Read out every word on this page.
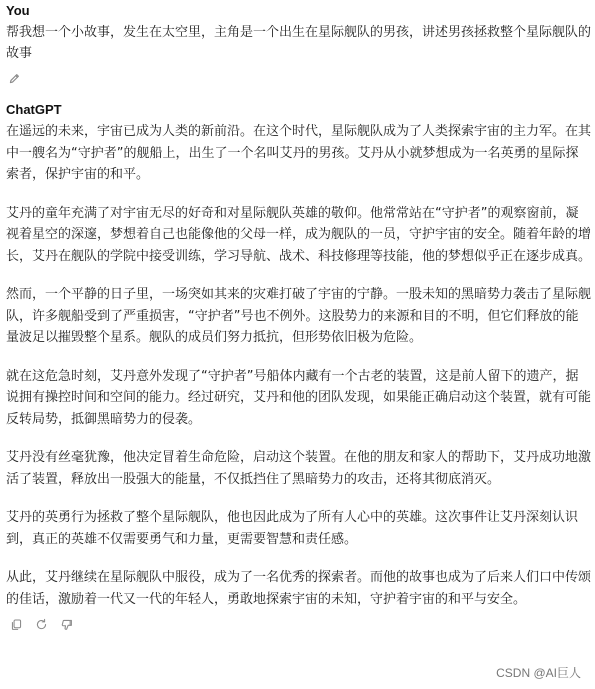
You
帮我想一个小故事，发生在太空里，主角是一个出生在星际舰队的男孩，讲述男孩拯救整个星际舰队的故事
ChatGPT

在遥远的未来，宇宙已成为人类的新前沿。在这个时代，星际舰队成为了人类探索宇宙的主力军。在其中一艘名为“守护者”的舰船上，出生了一个名叫艾丹的男孩。艾丹从小就梦想成为一名英勇的星际探索者，保护宇宙的和平。

艾丹的童年充满了对宇宙无尽的好奇和对星际舰队英雄的敬仰。他常常站在“守护者”的观察窗前，凝视着星空的深邃，梦想着自己也能像他的父母一样，成为舰队的一员，守护宇宙的安全。随着年龄的增长，艾丹在舰队的学院中接受训练，学习导航、战术、科技修理等技能，他的梦想似乎正在逐步成真。

然而，一个平静的日子里，一场突如其来的灾难打破了宇宙的宁静。一股未知的黑暗势力袭击了星际舰队，许多舰船受到了严重损害，“守护者”号也不例外。这股势力的来源和目的不明，但它们释放的能量波足以摧毁整个星系。舰队的成员们努力抵抗，但形势依旧极为危险。

就在这危急时刻，艾丹意外发现了“守护者”号船体内藏有一个古老的装置，这是前人留下的遗产，据说拥有操控时间和空间的能力。经过研究，艾丹和他的团队发现，如果能正确启动这个装置，就有可能反转局势，抵御黑暗势力的侵袭。

艾丹没有丝毫犹豫，他决定冒着生命危险，启动这个装置。在他的朋友和家人的帮助下，艾丹成功地激活了装置，释放出一股强大的能量，不仅抵挡住了黑暗势力的攻击，还将其彻底消灭。

艾丹的英勇行为拯救了整个星际舰队，他也因此成为了所有人心中的英雄。这次事件让艾丹深刻认识到，真正的英雄不仅需要勇气和力量，更需要智慧和责任感。

从此，艾丹继续在星际舰队中服役，成为了一名优秀的探索者。而他的故事也成为了后来人们口中传颂的佳话，激励着一代又一代的年轻人，勇敢地探索宇宙的未知，守护着宇宙的和平与安全。

CSDN @AI巨人
